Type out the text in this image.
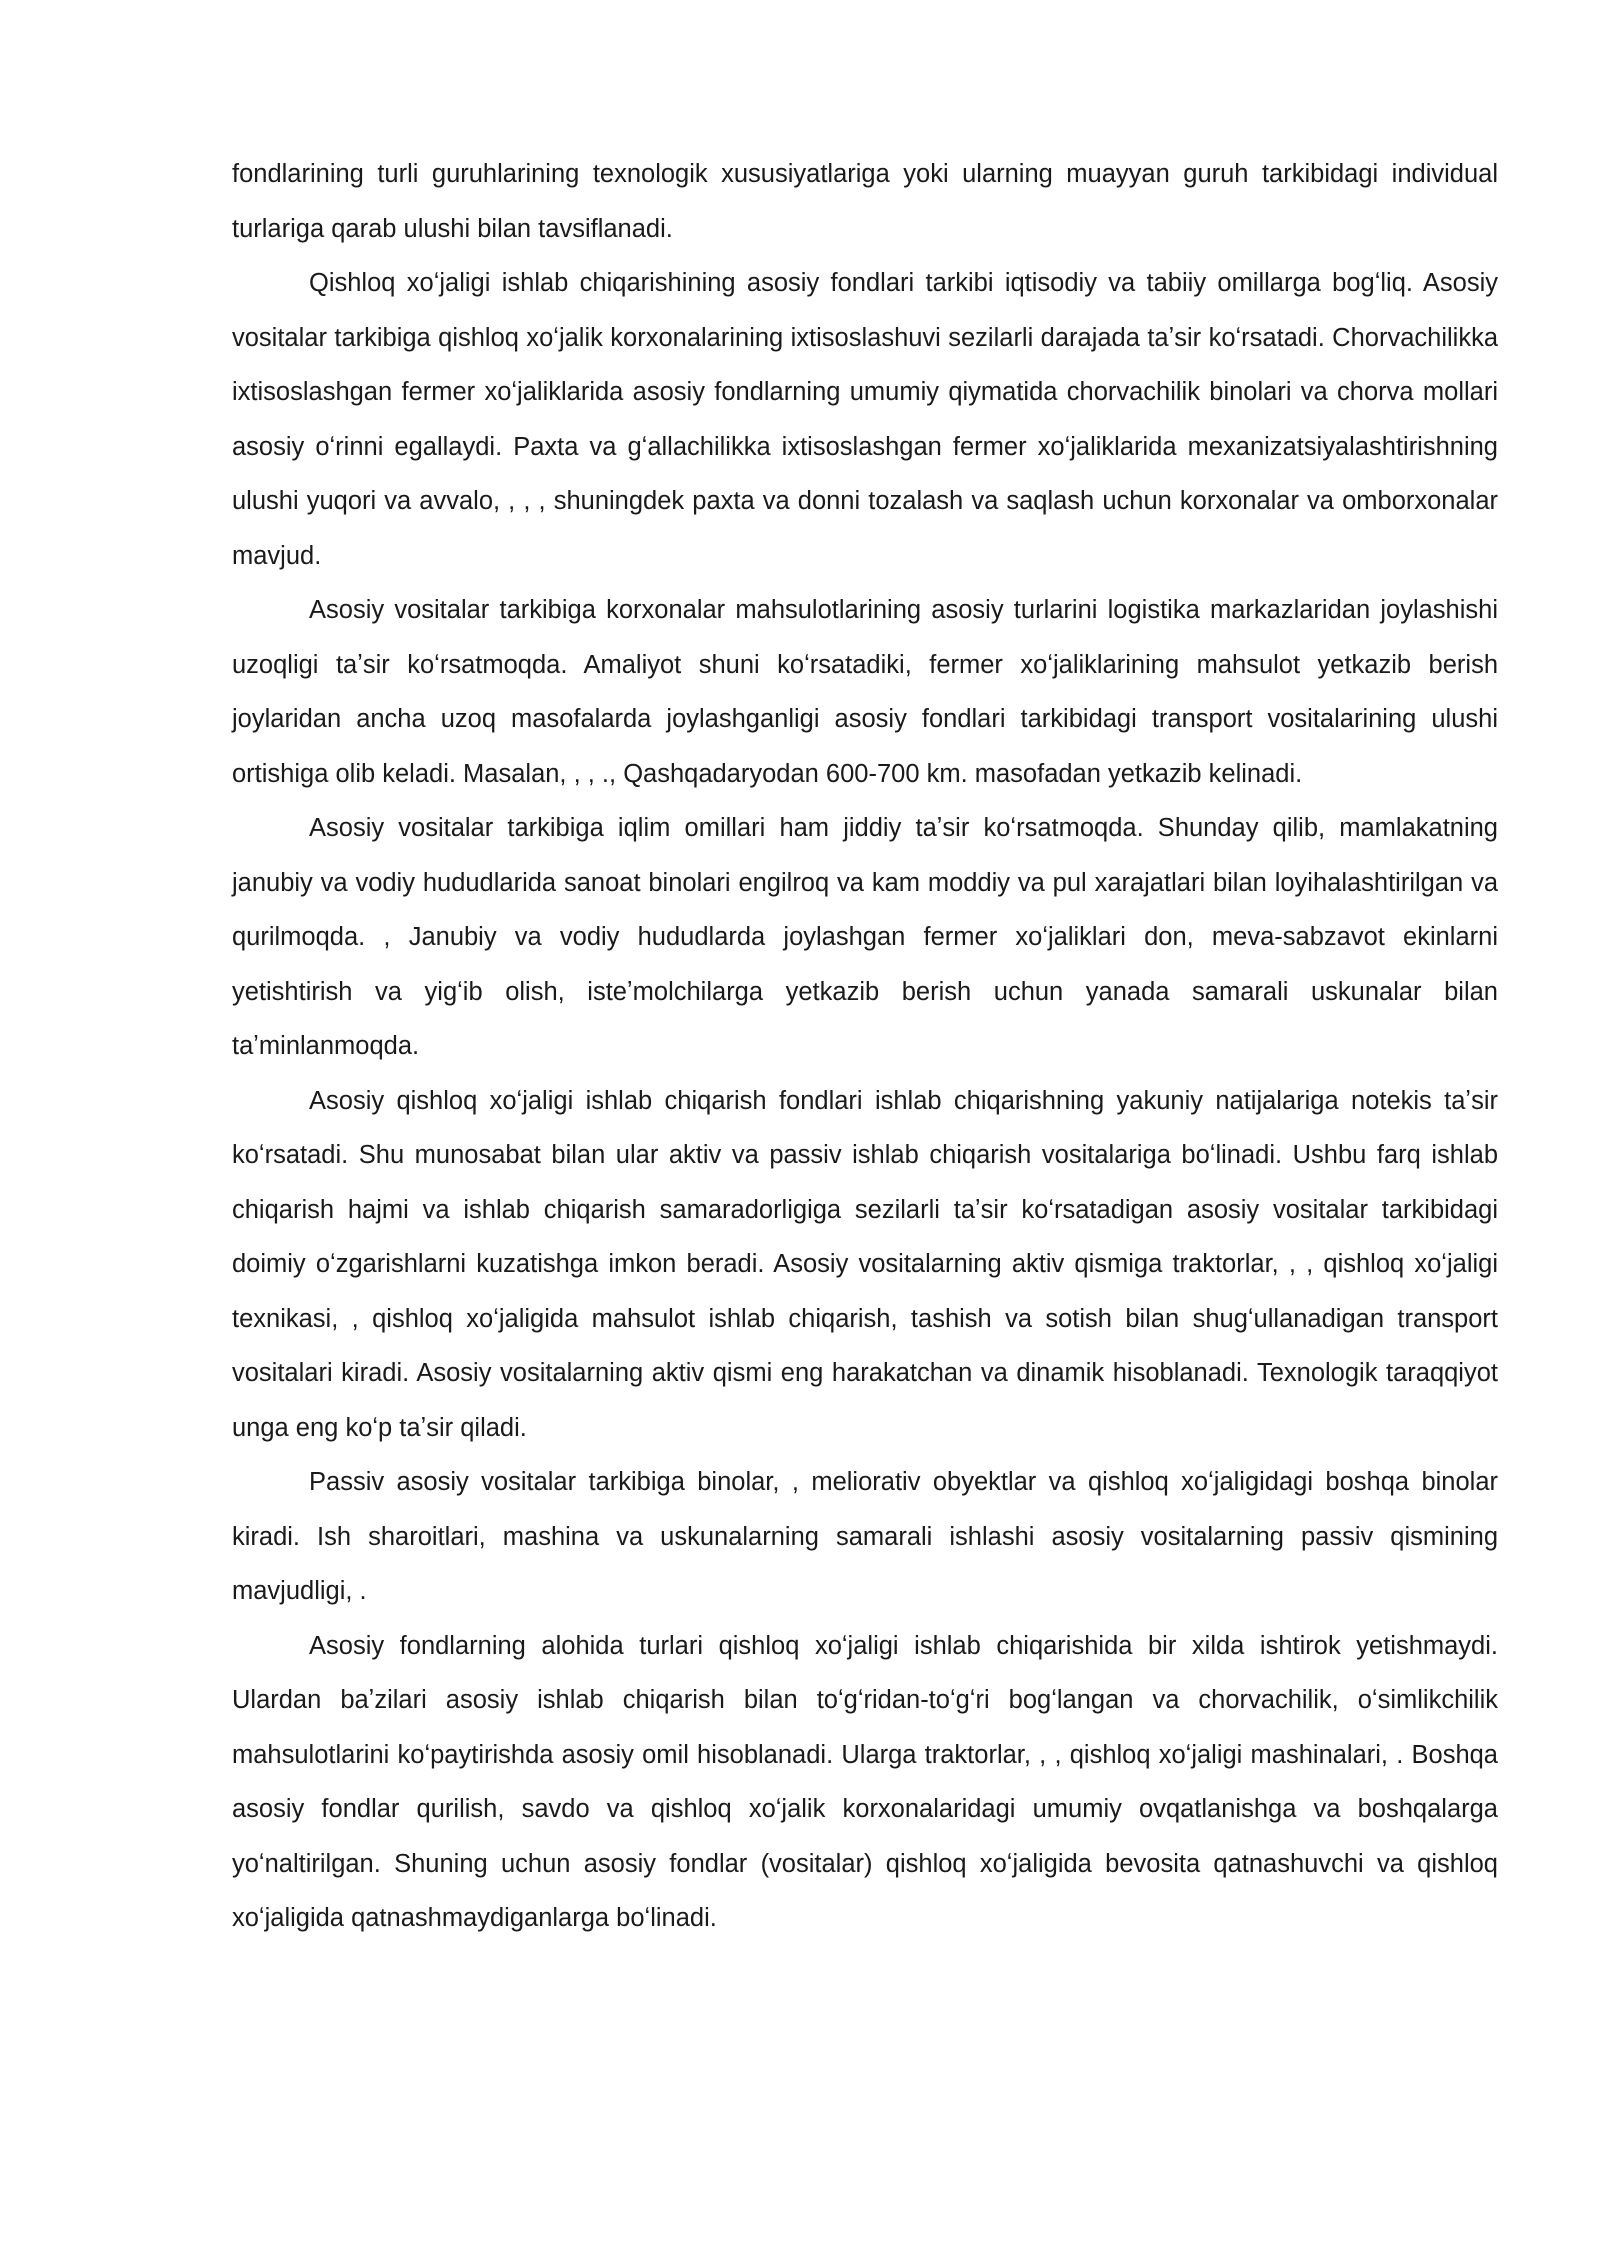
fondlarining turli guruhlarining texnologik xususiyatlariga yoki ularning muayyan guruh tarkibidagi individual turlariga qarab ulushi bilan tavsiflanadi.

Qishloq xoʻjaligi ishlab chiqarishining asosiy fondlari tarkibi iqtisodiy va tabiiy omillarga bogʻliq. Asosiy vositalar tarkibiga qishloq xoʻjalik korxonalarining ixtisoslashuvi sezilarli darajada taʼsir koʻrsatadi. Chorvachilikka ixtisoslashgan fermer xoʻjaliklarida asosiy fondlarning umumiy qiymatida chorvachilik binolari va chorva mollari asosiy oʻrinni egallaydi. Paxta va gʻallachilikka ixtisoslashgan fermer xoʻjaliklarida mexanizatsiyalashtirishning ulushi yuqori va avvalo, , , , shuningdek paxta va donni tozalash va saqlash uchun korxonalar va omborxonalar mavjud.

Asosiy vositalar tarkibiga korxonalar mahsulotlarining asosiy turlarini logistika markazlaridan joylashishi uzoqligi taʼsir koʻrsatmoqda. Amaliyot shuni koʻrsatadiki, fermer xoʻjaliklarining mahsulot yetkazib berish joylaridan ancha uzoq masofalarda joylashganligi asosiy fondlari tarkibidagi transport vositalarining ulushi ortishiga olib keladi. Masalan, , , ., Qashqadaryodan 600-700 km. masofadan yetkazib kelinadi.

Asosiy vositalar tarkibiga iqlim omillari ham jiddiy taʼsir koʻrsatmoqda. Shunday qilib, mamlakatning janubiy va vodiy hududlarida sanoat binolari engilroq va kam moddiy va pul xarajatlari bilan loyihalashtirilgan va qurilmoqda. , Janubiy va vodiy hududlarda joylashgan fermer xoʻjaliklari don, meva-sabzavot ekinlarni yetishtirish va yigʻib olish, isteʼmolchilarga yetkazib berish uchun yanada samarali uskunalar bilan taʼminlanmoqda.

Asosiy qishloq xoʻjaligi ishlab chiqarish fondlari ishlab chiqarishning yakuniy natijalariga notekis taʼsir koʻrsatadi. Shu munosabat bilan ular aktiv va passiv ishlab chiqarish vositalariga boʻlinadi. Ushbu farq ishlab chiqarish hajmi va ishlab chiqarish samaradorligiga sezilarli taʼsir koʻrsatadigan asosiy vositalar tarkibidagi doimiy oʻzgarishlarni kuzatishga imkon beradi. Asosiy vositalarning aktiv qismiga traktorlar, , , qishloq xoʻjaligi texnikasi, , qishloq xoʻjaligida mahsulot ishlab chiqarish, tashish va sotish bilan shugʻullanadigan transport vositalari kiradi. Asosiy vositalarning aktiv qismi eng harakatchan va dinamik hisoblanadi. Texnologik taraqqiyot unga eng koʻp taʼsir qiladi.

Passiv asosiy vositalar tarkibiga binolar, , meliorativ obyektlar va qishloq xoʻjaligidagi boshqa binolar kiradi. Ish sharoitlari, mashina va uskunalarning samarali ishlashi asosiy vositalarning passiv qismining mavjudligi, .

Asosiy fondlarning alohida turlari qishloq xoʻjaligi ishlab chiqarishida bir xilda ishtirok yetishmaydi. Ulardan baʼzilari asosiy ishlab chiqarish bilan toʻgʻridan-toʻgʻri bogʻlangan va chorvachilik, oʻsimlikchilik mahsulotlarini koʻpaytirishda asosiy omil hisoblanadi. Ularga traktorlar, , , qishloq xoʻjaligi mashinalari, . Boshqa asosiy fondlar qurilish, savdo va qishloq xoʻjalik korxonalaridagi umumiy ovqatlanishga va boshqalarga yoʻnaltirilgan. Shuning uchun asosiy fondlar (vositalar) qishloq xoʻjaligida bevosita qatnashuvchi va qishloq xoʻjaligida qatnashmaydiganlarga boʻlinadi.
